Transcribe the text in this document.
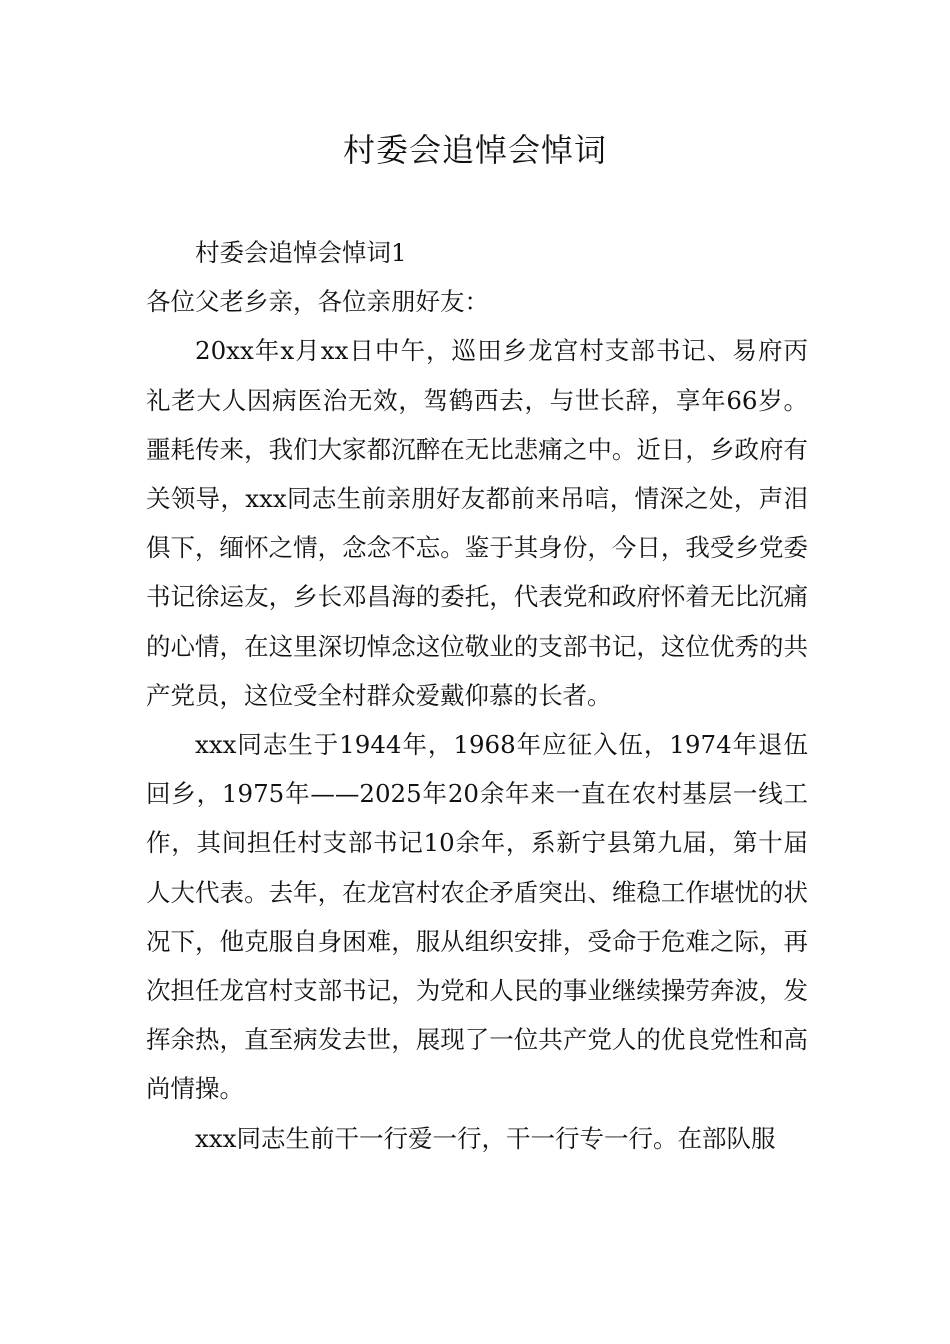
村委会追悼会悼词

村委会追悼会悼词1

各位父老乡亲，各位亲朋好友：

20xx年x月xx日中午，巡田乡龙宫村支部书记、易府丙礼老大人因病医治无效，驾鹤西去，与世长辞，享年66岁。噩耗传来，我们大家都沉醉在无比悲痛之中。近日，乡政府有关领导，xxx同志生前亲朋好友都前来吊唁，情深之处，声泪俱下，缅怀之情，念念不忘。鉴于其身份，今日，我受乡党委书记徐运友，乡长邓昌海的委托，代表党和政府怀着无比沉痛的心情，在这里深切悼念这位敬业的支部书记，这位优秀的共产党员，这位受全村群众爱戴仰慕的长者。

xxx同志生于1944年，1968年应征入伍，1974年退伍回乡，1975年——2025年20余年来一直在农村基层一线工作，其间担任村支部书记10余年，系新宁县第九届，第十届人大代表。去年，在龙宫村农企矛盾突出、维稳工作堪忧的状况下，他克服自身困难，服从组织安排，受命于危难之际，再次担任龙宫村支部书记，为党和人民的事业继续操劳奔波，发挥余热，直至病发去世，展现了一位共产党人的优良党性和高尚情操。

xxx同志生前干一行爱一行，干一行专一行。在部队服
